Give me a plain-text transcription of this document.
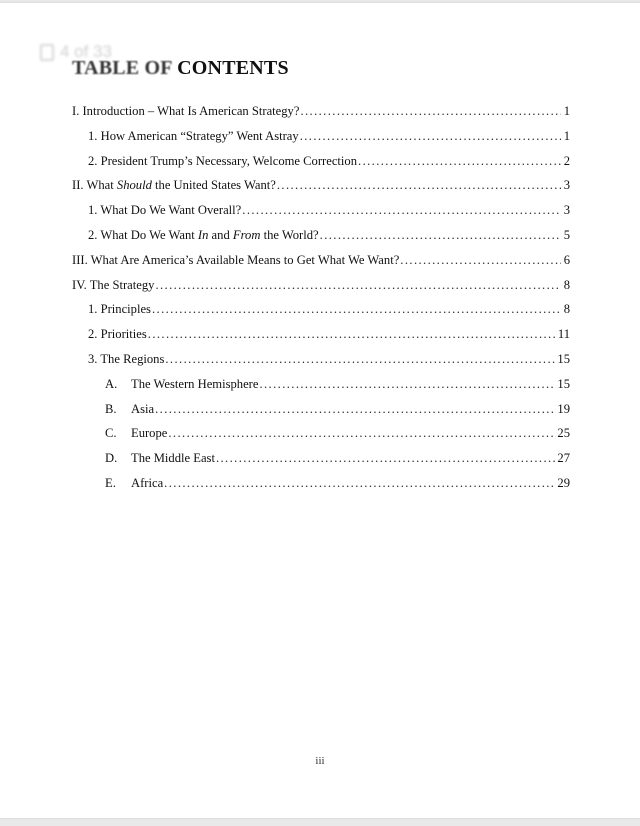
4 of 33
TABLE OF CONTENTS
I. Introduction – What Is American Strategy? .....	1
1. How American “Strategy” Went Astray .....	1
2. President Trump’s Necessary, Welcome Correction .....	2
II. What Should the United States Want? .....	3
1. What Do We Want Overall? .....	3
2. What Do We Want In and From the World? .....	5
III. What Are America’s Available Means to Get What We Want? .....	6
IV. The Strategy .....	8
1. Principles .....	8
2. Priorities .....	11
3. The Regions .....	15
A.	The Western Hemisphere .....	15
B.	Asia .....	19
C.	Europe .....	25
D.	The Middle East .....	27
E.	Africa .....	29
iii
